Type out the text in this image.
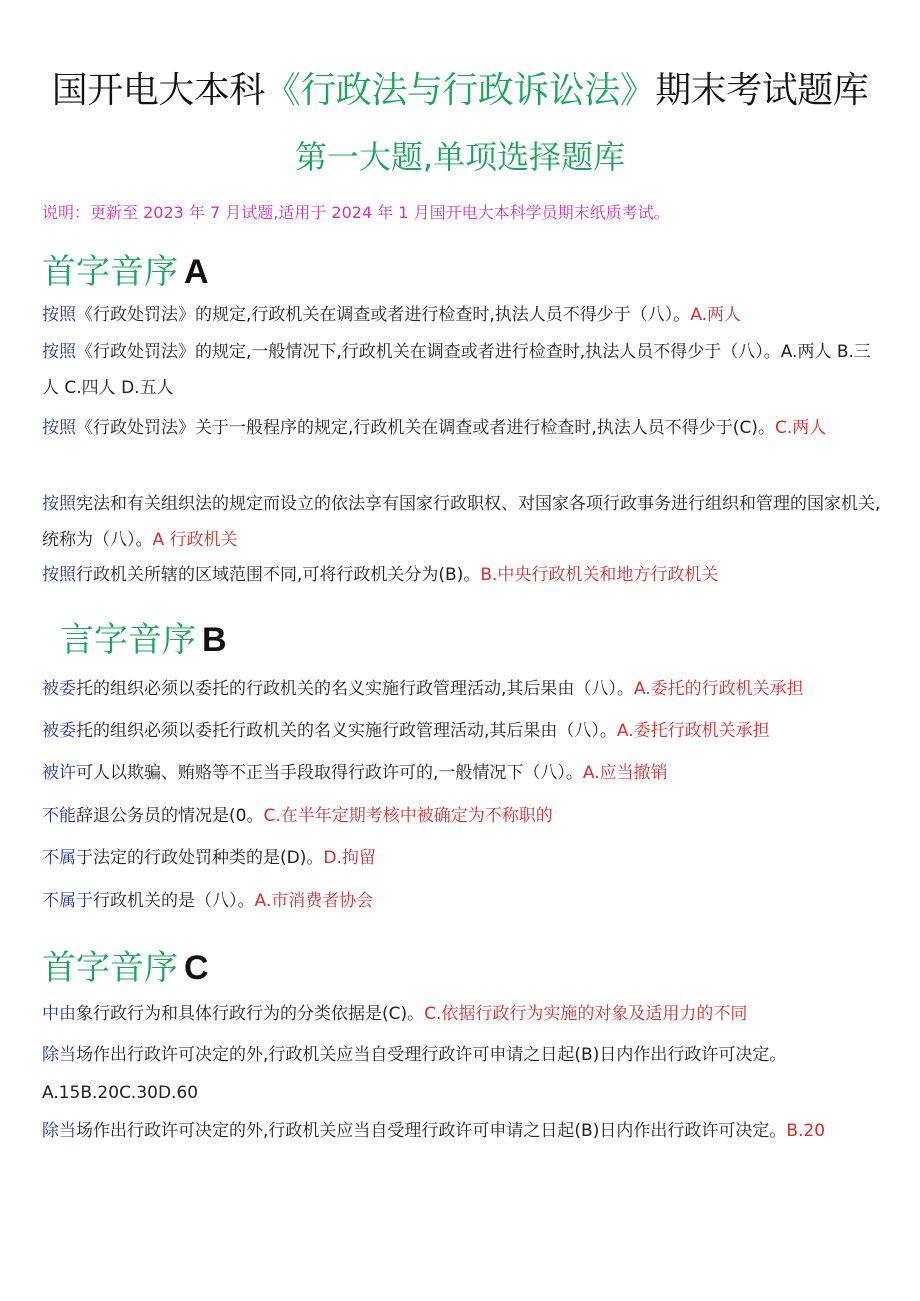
国开电大本科《行政法与行政诉讼法》期末考试题库
第一大题,单项选择题库
说明：更新至 2023 年 7 月试题,适用于 2024 年 1 月国开电大本科学员期末纸质考试。
首字音序 A
按照《行政处罚法》的规定,行政机关在调查或者进行检查时,执法人员不得少于（八）。A.两人
按照《行政处罚法》的规定,一般情况下,行政机关在调查或者进行检查时,执法人员不得少于（八）。A.两人 B.三人 C.四人 D.五人
按照《行政处罚法》关于一般程序的规定,行政机关在调查或者进行检查时,执法人员不得少于(C)。C.两人
按照宪法和有关组织法的规定而设立的依法享有国家行政职权、对国家各项行政事务进行组织和管理的国家机关,统称为（八）。A 行政机关
按照行政机关所辖的区域范围不同,可将行政机关分为(B)。B.中央行政机关和地方行政机关
言字音序 B
被委托的组织必须以委托的行政机关的名义实施行政管理活动,其后果由（八）。A.委托的行政机关承担
被委托的组织必须以委托行政机关的名义实施行政管理活动,其后果由（八）。A.委托行政机关承担
被许可人以欺骗、贿赂等不正当手段取得行政许可的,一般情况下（八）。A.应当撤销
不能辞退公务员的情况是(0。C.在半年定期考核中被确定为不称职的
不属于法定的行政处罚种类的是(D)。D.拘留
不属于行政机关的是（八）。A.市消费者协会
首字音序 C
中由象行政行为和具体行政行为的分类依据是(C)。C.依据行政行为实施的对象及适用力的不同
除当场作出行政许可决定的外,行政机关应当自受理行政许可申请之日起(B)日内作出行政许可决定。
A.15B.20C.30D.60
除当场作出行政许可决定的外,行政机关应当自受理行政许可申请之日起(B)日内作出行政许可决定。B.20
